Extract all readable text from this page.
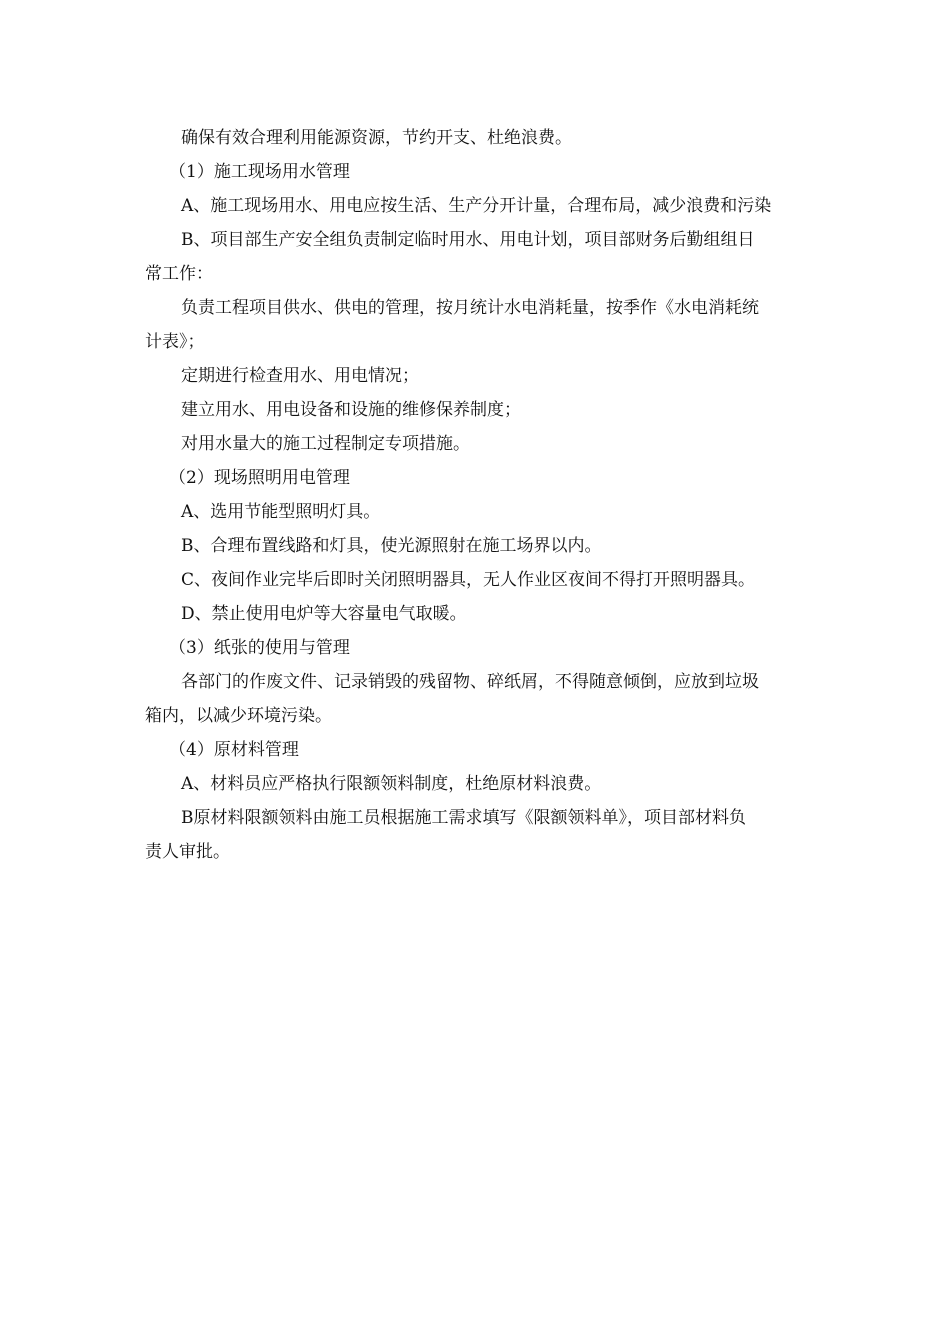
确保有效合理利用能源资源，节约开支、杜绝浪费。
（1）施工现场用水管理
A、施工现场用水、用电应按生活、生产分开计量，合理布局，减少浪费和污染
B、项目部生产安全组负责制定临时用水、用电计划，项目部财务后勤组组日
常工作：
负责工程项目供水、供电的管理，按月统计水电消耗量，按季作《水电消耗统
计表》；
定期进行检查用水、用电情况；
建立用水、用电设备和设施的维修保养制度；
对用水量大的施工过程制定专项措施。
（2）现场照明用电管理
A、选用节能型照明灯具。
B、合理布置线路和灯具，使光源照射在施工场界以内。
C、夜间作业完毕后即时关闭照明器具，无人作业区夜间不得打开照明器具。
D、禁止使用电炉等大容量电气取暖。
（3）纸张的使用与管理
各部门的作废文件、记录销毁的残留物、碎纸屑，不得随意倾倒，应放到垃圾
箱内，以减少环境污染。
（4）原材料管理
A、材料员应严格执行限额领料制度，杜绝原材料浪费。
B原材料限额领料由施工员根据施工需求填写《限额领料单》，项目部材料负
责人审批。
